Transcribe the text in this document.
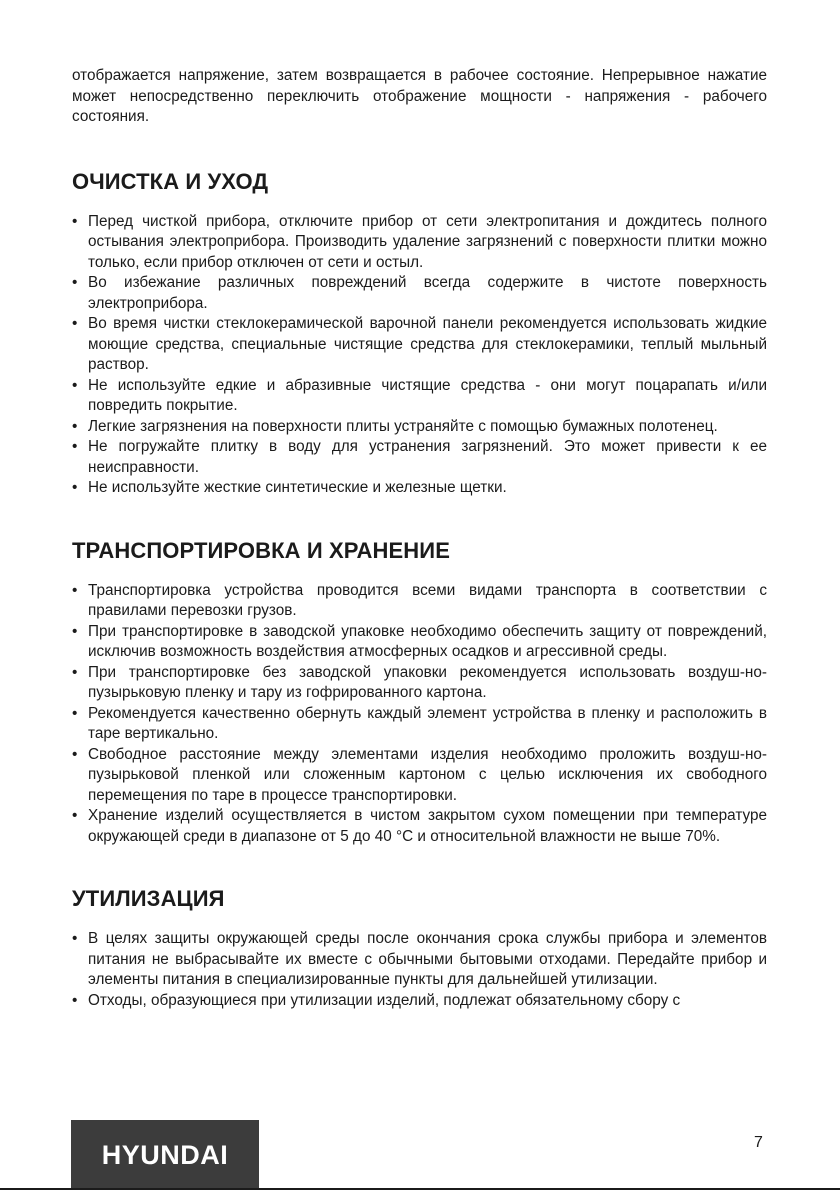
отображается напряжение, затем возвращается в рабочее состояние. Непрерывное нажатие может непосредственно переключить отображение мощности - напряжения - рабочего состояния.

ОЧИСТКА И УХОД
• Перед чисткой прибора, отключите прибор от сети электропитания и дождитесь полного остывания электроприбора. Производить удаление загрязнений с поверхности плитки можно только, если прибор отключен от сети и остыл.
• Во избежание различных повреждений всегда содержите в чистоте поверхность электроприбора.
• Во время чистки стеклокерамической варочной панели рекомендуется использовать жидкие моющие средства, специальные чистящие средства для стеклокерамики, теплый мыльный раствор.
• Не используйте едкие и абразивные чистящие средства - они могут поцарапать и/или повредить покрытие.
• Легкие загрязнения на поверхности плиты устраняйте с помощью бумажных полотенец.
• Не погружайте плитку в воду для устранения загрязнений. Это может привести к ее неисправности.
• Не используйте жесткие синтетические и железные щетки.
ТРАНСПОРТИРОВКА И ХРАНЕНИЕ
• Транспортировка устройства проводится всеми видами транспорта в соответствии с правилами перевозки грузов.
• При транспортировке в заводской упаковке необходимо обеспечить защиту от повреждений, исключив возможность воздействия атмосферных осадков и агрессивной среды.
• При транспортировке без заводской упаковки рекомендуется использовать воздуш-но-пузырьковую пленку и тару из гофрированного картона.
• Рекомендуется качественно обернуть каждый элемент устройства в пленку и расположить в таре вертикально.
• Свободное расстояние между элементами изделия необходимо проложить воздуш-но-пузырьковой пленкой или сложенным картоном с целью исключения их свободного перемещения по таре в процессе транспортировки.
• Хранение изделий осуществляется в чистом закрытом сухом помещении при температуре окружающей среди в диапазоне от 5 до 40 °С и относительной влажности не выше 70%.
УТИЛИЗАЦИЯ
• В целях защиты окружающей среды после окончания срока службы прибора и элементов питания не выбрасывайте их вместе с обычными бытовыми отходами. Передайте прибор и элементы питания в специализированные пункты для дальнейшей утилизации.
• Отходы, образующиеся при утилизации изделий, подлежат обязательному сбору с
HYUNDAI	7
